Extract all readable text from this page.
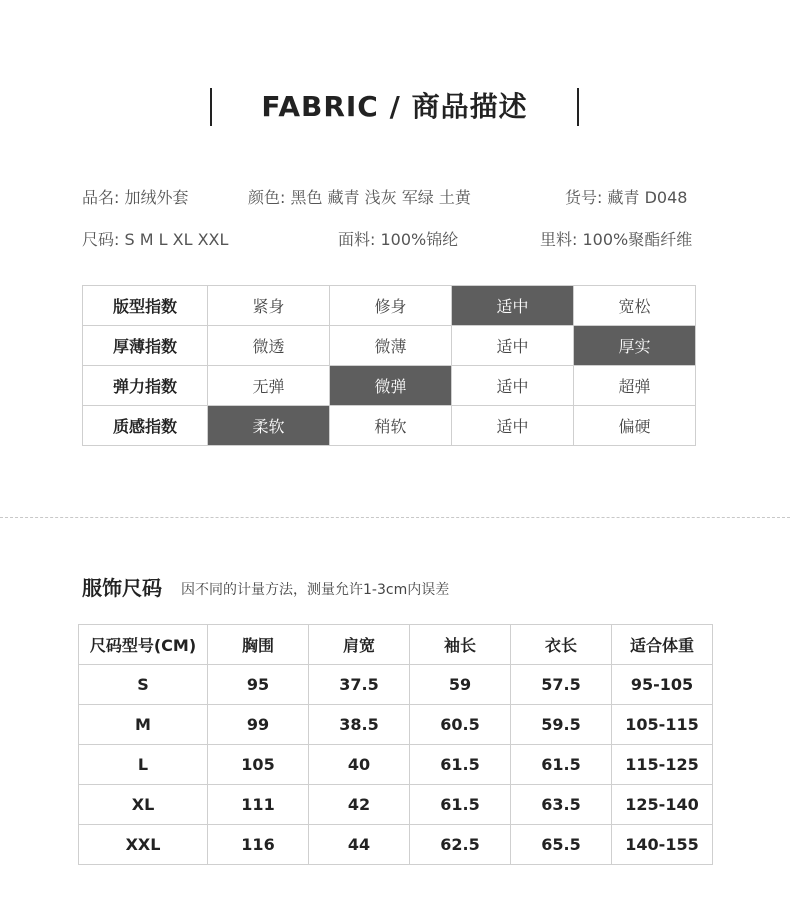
FABRIC / 商品描述
品名: 加绒外套	颜色: 黑色 藏青 浅灰 军绿 土黄	货号: 藏青 D048
尺码: S M L XL XXL	面料: 100%锦纶	里料: 100%聚酯纤维
版型指数	紧身	修身	适中	宽松
厚薄指数	微透	微薄	适中	厚实
弹力指数	无弹	微弹	适中	超弹
质感指数	柔软	稍软	适中	偏硬
服饰尺码 因不同的计量方法，测量允许1-3cm内误差
尺码型号(CM)	胸围	肩宽	袖长	衣长	适合体重
S	95	37.5	59	57.5	95-105
M	99	38.5	60.5	59.5	105-115
L	105	40	61.5	61.5	115-125
XL	111	42	61.5	63.5	125-140
XXL	116	44	62.5	65.5	140-155
